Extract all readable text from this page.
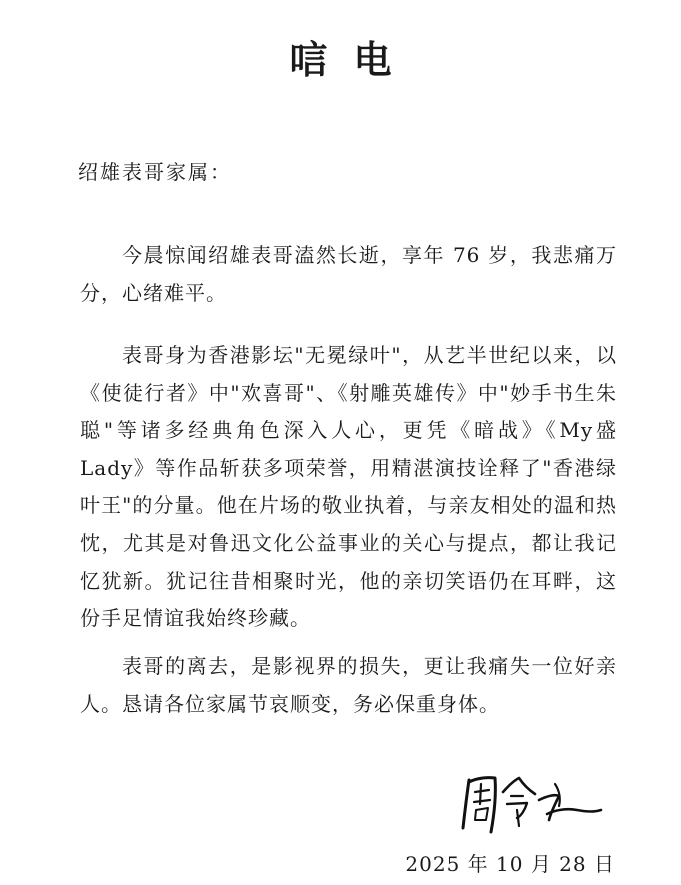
唁电
绍雄表哥家属：

今晨惊闻绍雄表哥溘然长逝，享年 76 岁，我悲痛万分，心绪难平。

表哥身为香港影坛"无冕绿叶"，从艺半世纪以来，以《使徒行者》中"欢喜哥"、《射雕英雄传》中"妙手书生朱聪"等诸多经典角色深入人心，更凭《暗战》《My盛 Lady》等作品斩获多项荣誉，用精湛演技诠释了"香港绿叶王"的分量。他在片场的敬业执着，与亲友相处的温和热忱，尤其是对鲁迅文化公益事业的关心与提点，都让我记忆犹新。犹记往昔相聚时光，他的亲切笑语仍在耳畔，这份手足情谊我始终珍藏。

表哥的离去，是影视界的损失，更让我痛失一位好亲人。恳请各位家属节哀顺变，务必保重身体。

2025 年 10 月 28 日
